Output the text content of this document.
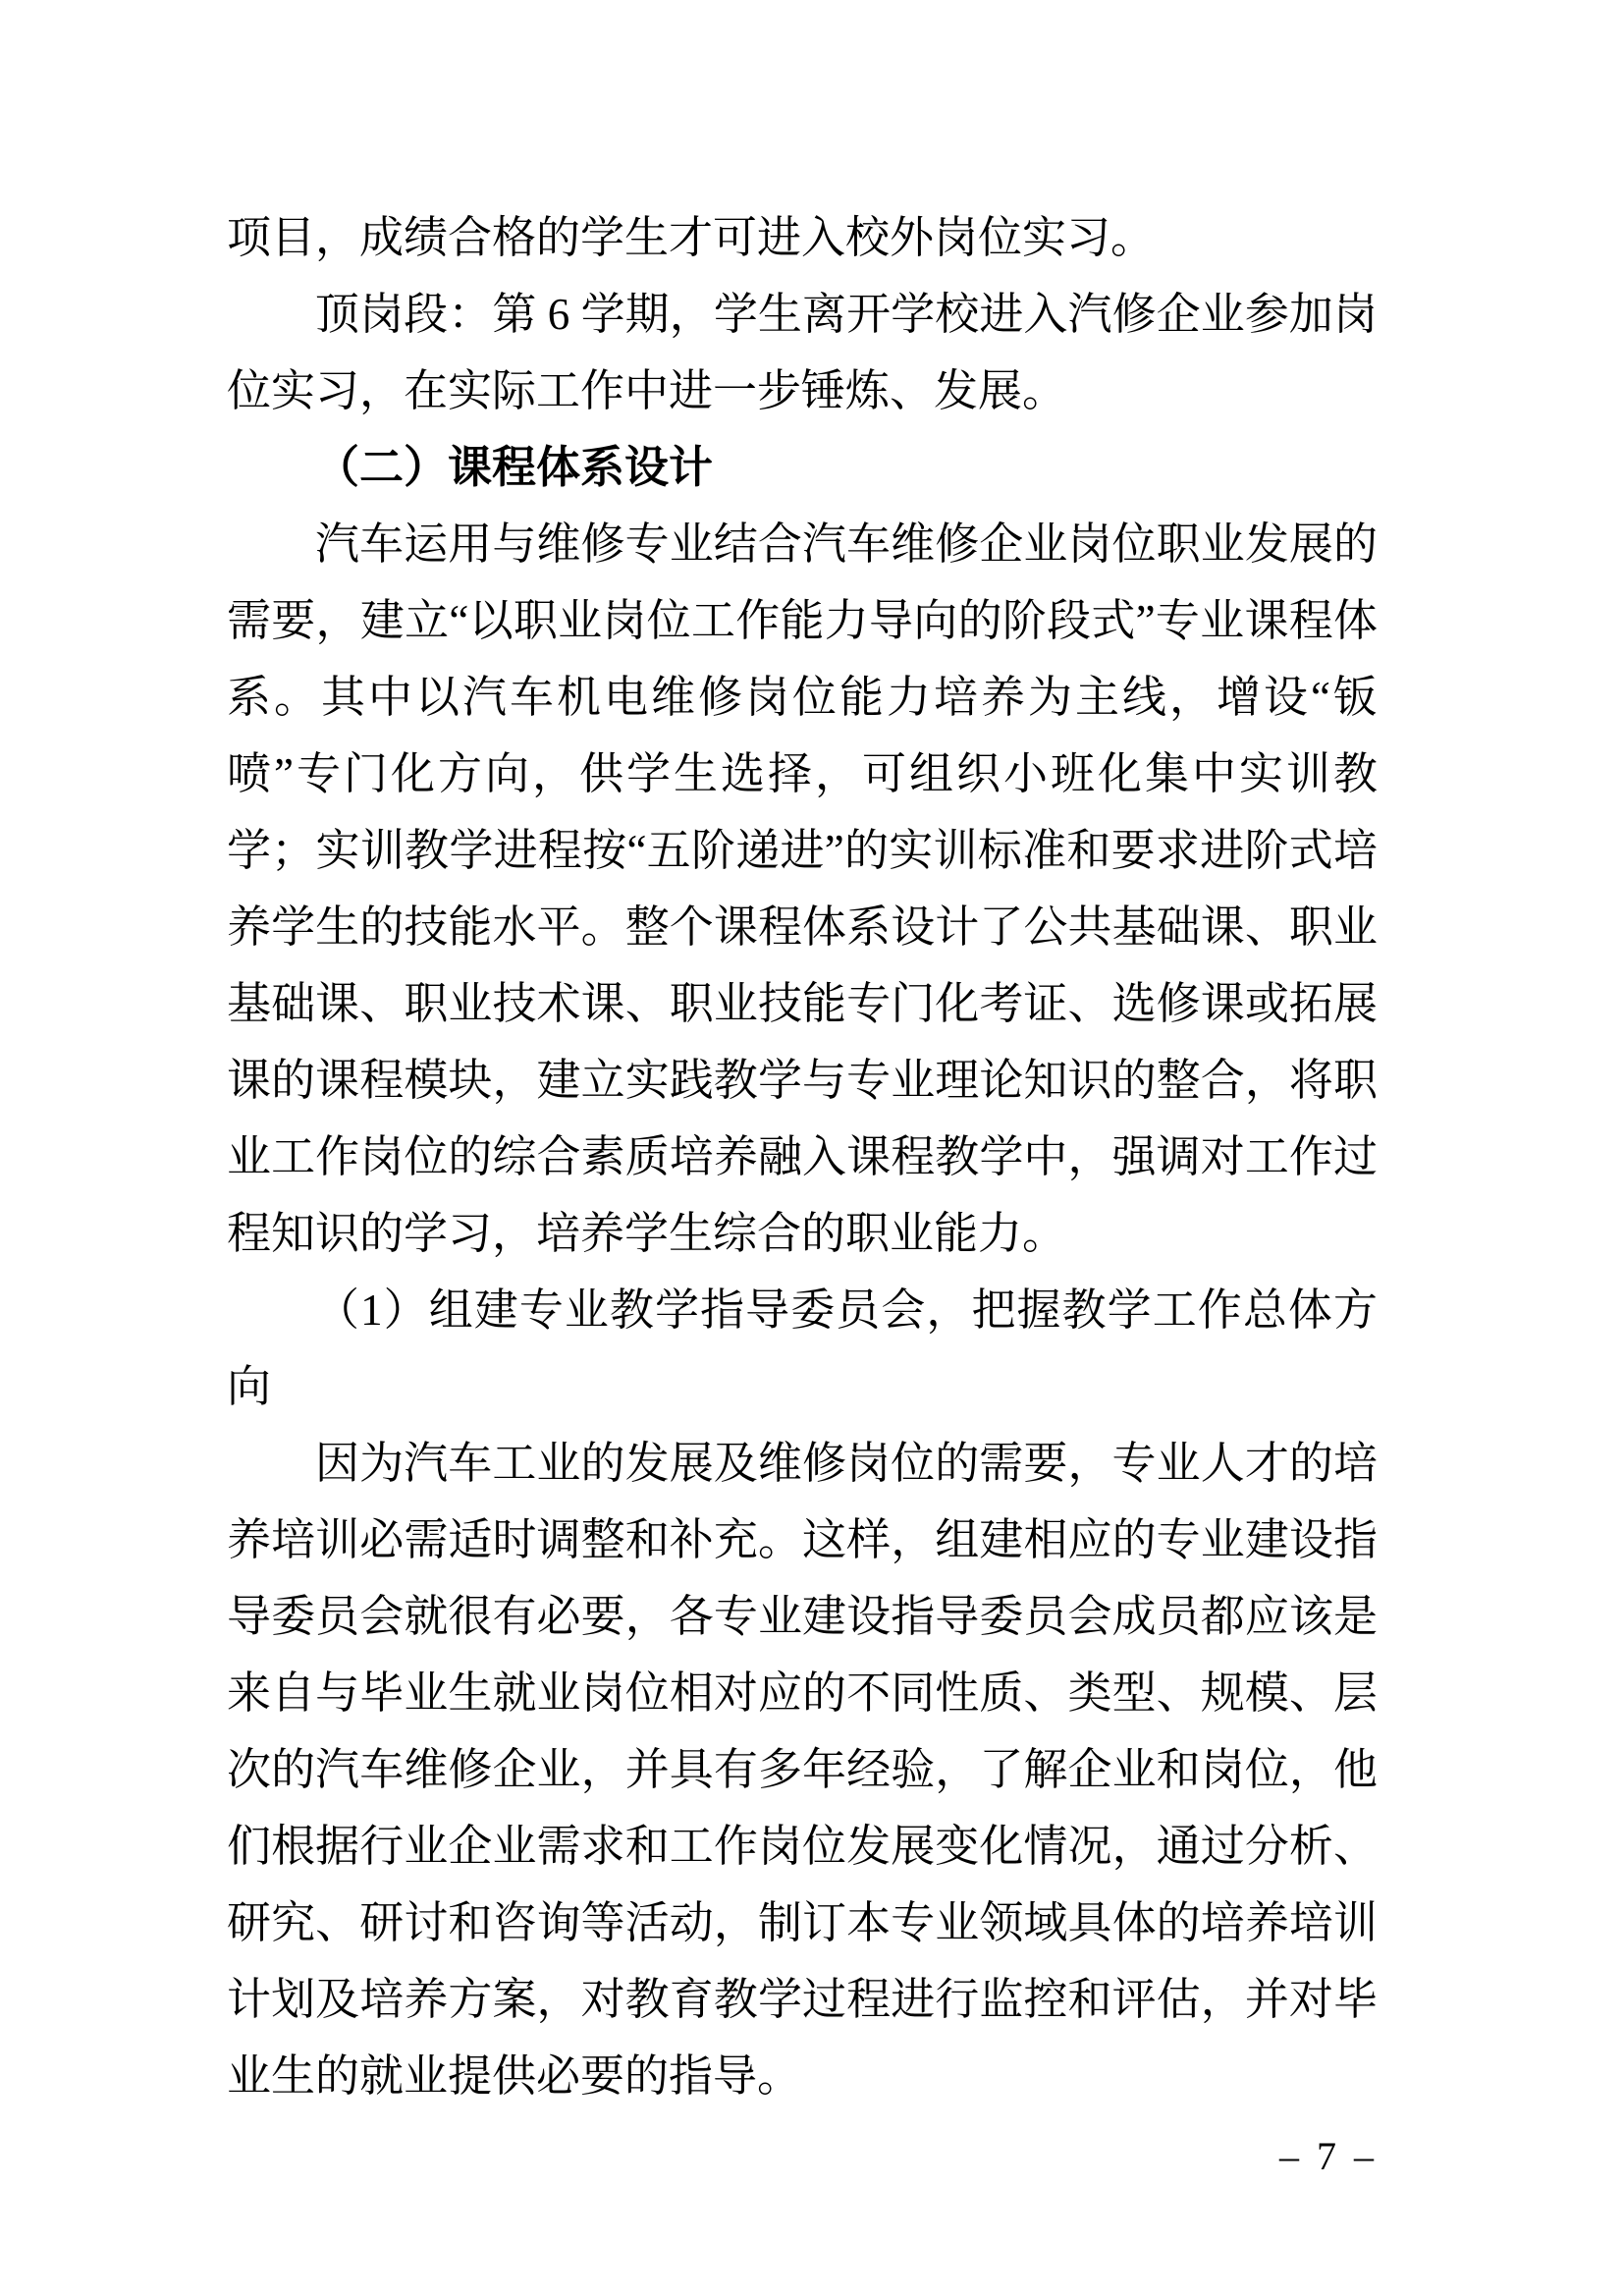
项目，成绩合格的学生才可进入校外岗位实习。

顶岗段：第 6 学期，学生离开学校进入汽修企业参加岗位实习，在实际工作中进一步锤炼、发展。

（二）课程体系设计

汽车运用与维修专业结合汽车维修企业岗位职业发展的需要，建立“以职业岗位工作能力导向的阶段式”专业课程体系。其中以汽车机电维修岗位能力培养为主线，增设“钣喷”专门化方向，供学生选择，可组织小班化集中实训教学；实训教学进程按“五阶递进”的实训标准和要求进阶式培养学生的技能水平。整个课程体系设计了公共基础课、职业基础课、职业技术课、职业技能专门化考证、选修课或拓展课的课程模块，建立实践教学与专业理论知识的整合，将职业工作岗位的综合素质培养融入课程教学中，强调对工作过程知识的学习，培养学生综合的职业能力。

（1）组建专业教学指导委员会，把握教学工作总体方向

因为汽车工业的发展及维修岗位的需要，专业人才的培养培训必需适时调整和补充。这样，组建相应的专业建设指导委员会就很有必要，各专业建设指导委员会成员都应该是来自与毕业生就业岗位相对应的不同性质、类型、规模、层次的汽车维修企业，并具有多年经验，了解企业和岗位，他们根据行业企业需求和工作岗位发展变化情况，通过分析、研究、研讨和咨询等活动，制订本专业领域具体的培养培训计划及培养方案，对教育教学过程进行监控和评估，并对毕业生的就业提供必要的指导。

– 7 –
